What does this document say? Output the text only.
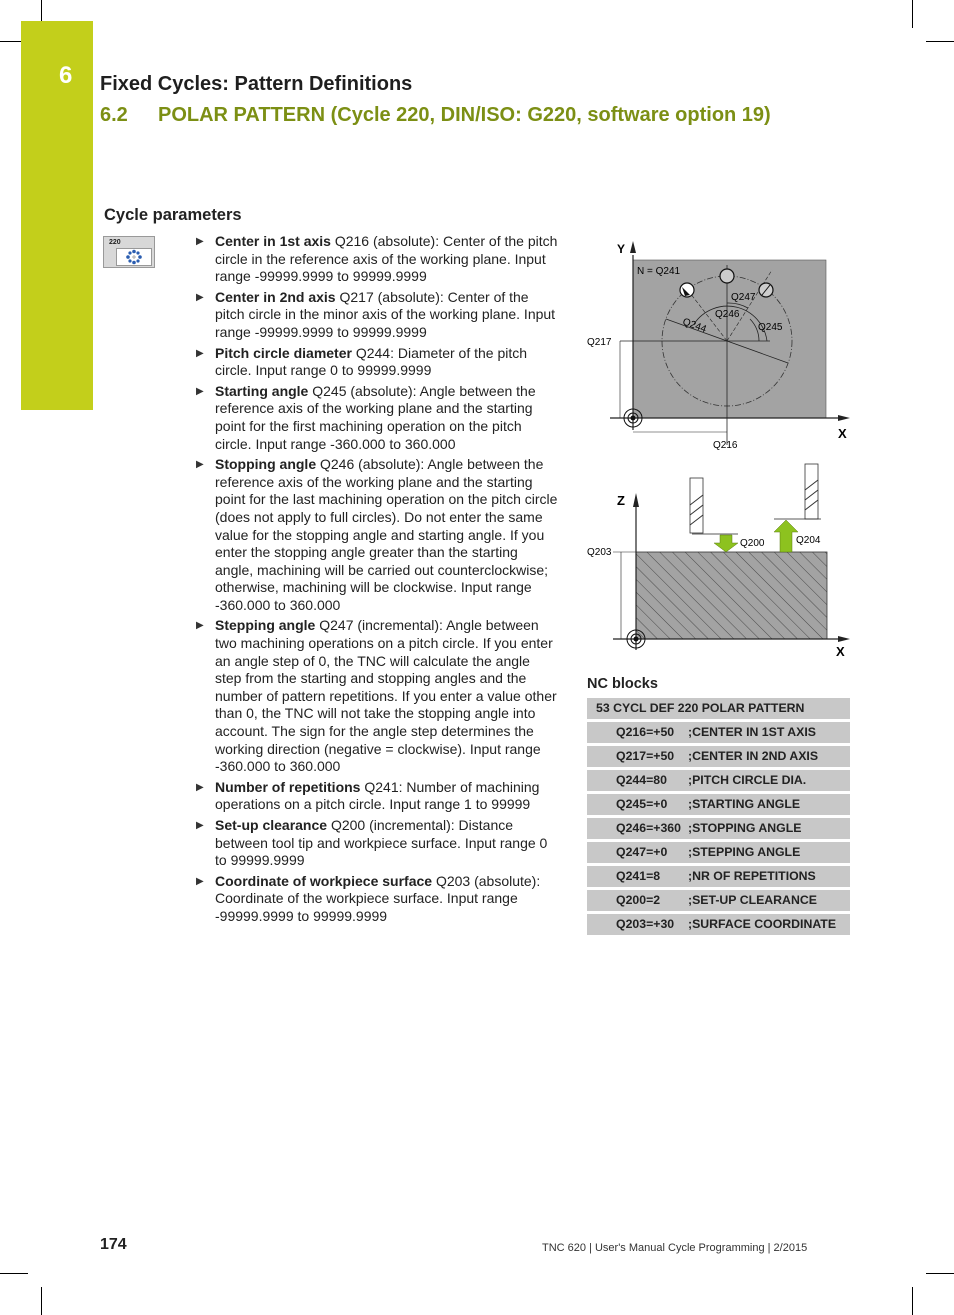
6	Fixed Cycles: Pattern Definitions
6.2 POLAR PATTERN (Cycle 220, DIN/ISO: G220, software option 19)
Cycle parameters
220	▶ Center in 1st axis Q216 (absolute): Center of the pitch circle in the reference axis of the working plane. Input range -99999.9999 to 99999.9999
▶ Center in 2nd axis Q217 (absolute): Center of the pitch circle in the minor axis of the working plane. Input range -99999.9999 to 99999.9999
▶ Pitch circle diameter Q244: Diameter of the pitch circle. Input range 0 to 99999.9999
▶ Starting angle Q245 (absolute): Angle between the reference axis of the working plane and the starting point for the first machining operation on the pitch circle. Input range -360.000 to 360.000
▶ Stopping angle Q246 (absolute): Angle between the reference axis of the working plane and the starting point for the last machining operation on the pitch circle (does not apply to full circles). Do not enter the same value for the stopping angle and starting angle. If you enter the stopping angle greater than the starting angle, machining will be carried out counterclockwise; otherwise, machining will be clockwise. Input range -360.000 to 360.000
▶ Stepping angle Q247 (incremental): Angle between two machining operations on a pitch circle. If you enter an angle step of 0, the TNC will calculate the angle step from the starting and stopping angles and the number of pattern repetitions. If you enter a value other than 0, the TNC will not take the stopping angle into account. The sign for the angle step determines the working direction (negative = clockwise). Input range -360.000 to 360.000
▶ Number of repetitions Q241: Number of machining operations on a pitch circle. Input range 1 to 99999
▶ Set-up clearance Q200 (incremental): Distance between tool tip and workpiece surface. Input range 0 to 99999.9999
▶ Coordinate of workpiece surface Q203 (absolute): Coordinate of the workpiece surface. Input range -99999.9999 to 99999.9999
Y
X
N = Q241
Q247
Q246
Q244	Q245
Q217
Q216
Z
X
Q203
Q200	Q204
NC blocks
53 CYCL DEF 220 POLAR PATTERN
Q216=+50 ;CENTER IN 1ST AXIS
Q217=+50 ;CENTER IN 2ND AXIS
Q244=80 ;PITCH CIRCLE DIA.
Q245=+0 ;STARTING ANGLE
Q246=+360 ;STOPPING ANGLE
Q247=+0 ;STEPPING ANGLE
Q241=8 ;NR OF REPETITIONS
Q200=2 ;SET-UP CLEARANCE
Q203=+30 ;SURFACE COORDINATE
174	TNC 620 | User's Manual Cycle Programming | 2/2015
